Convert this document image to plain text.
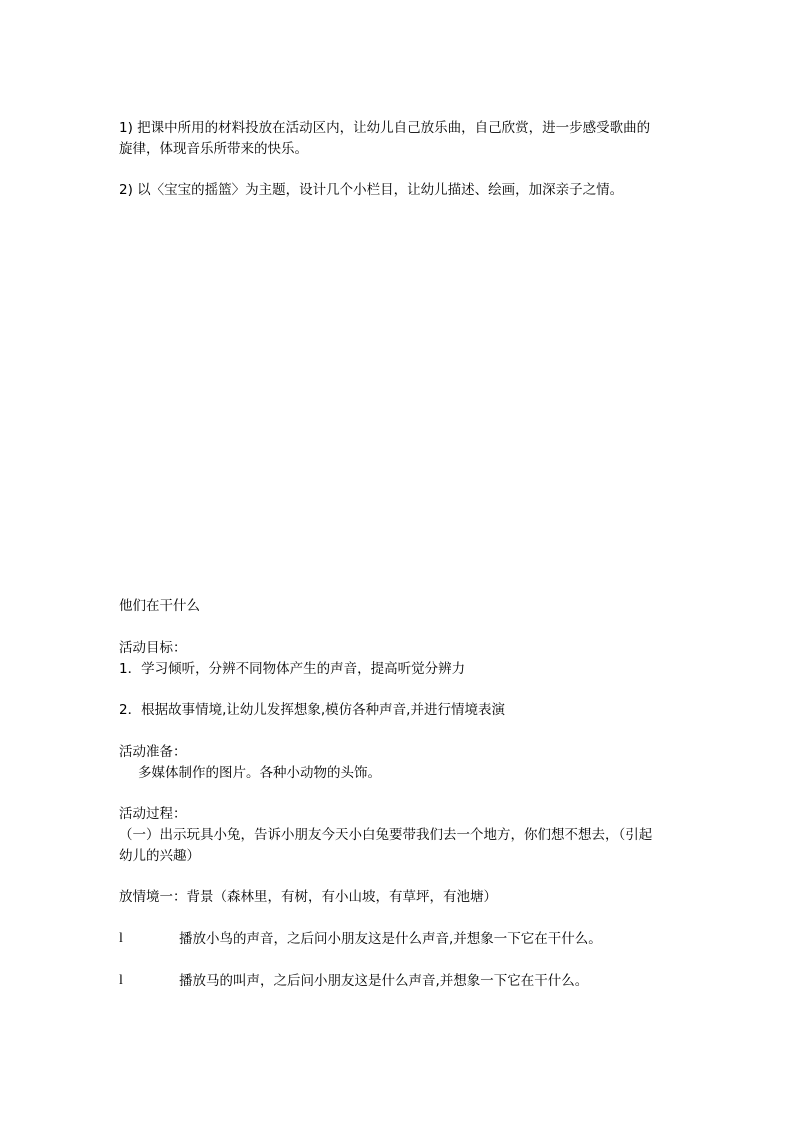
1) 把课中所用的材料投放在活动区内，让幼儿自己放乐曲，自己欣赏，进一步感受歌曲的
旋律，体现音乐所带来的快乐。
2) 以〈宝宝的摇篮〉为主题，设计几个小栏目，让幼儿描述、绘画，加深亲子之情。
他们在干什么
活动目标：
1．学习倾听，分辨不同物体产生的声音，提高听觉分辨力
2．根据故事情境,让幼儿发挥想象,模仿各种声音,并进行情境表演
活动准备：
多媒体制作的图片。各种小动物的头饰。
活动过程：
（一）出示玩具小兔，告诉小朋友今天小白兔要带我们去一个地方，你们想不想去，（引起
幼儿的兴趣）
放情境一：背景（森林里，有树，有小山坡，有草坪，有池塘）
l	播放小鸟的声音，之后问小朋友这是什么声音,并想象一下它在干什么。
l	播放马的叫声，之后问小朋友这是什么声音,并想象一下它在干什么。
